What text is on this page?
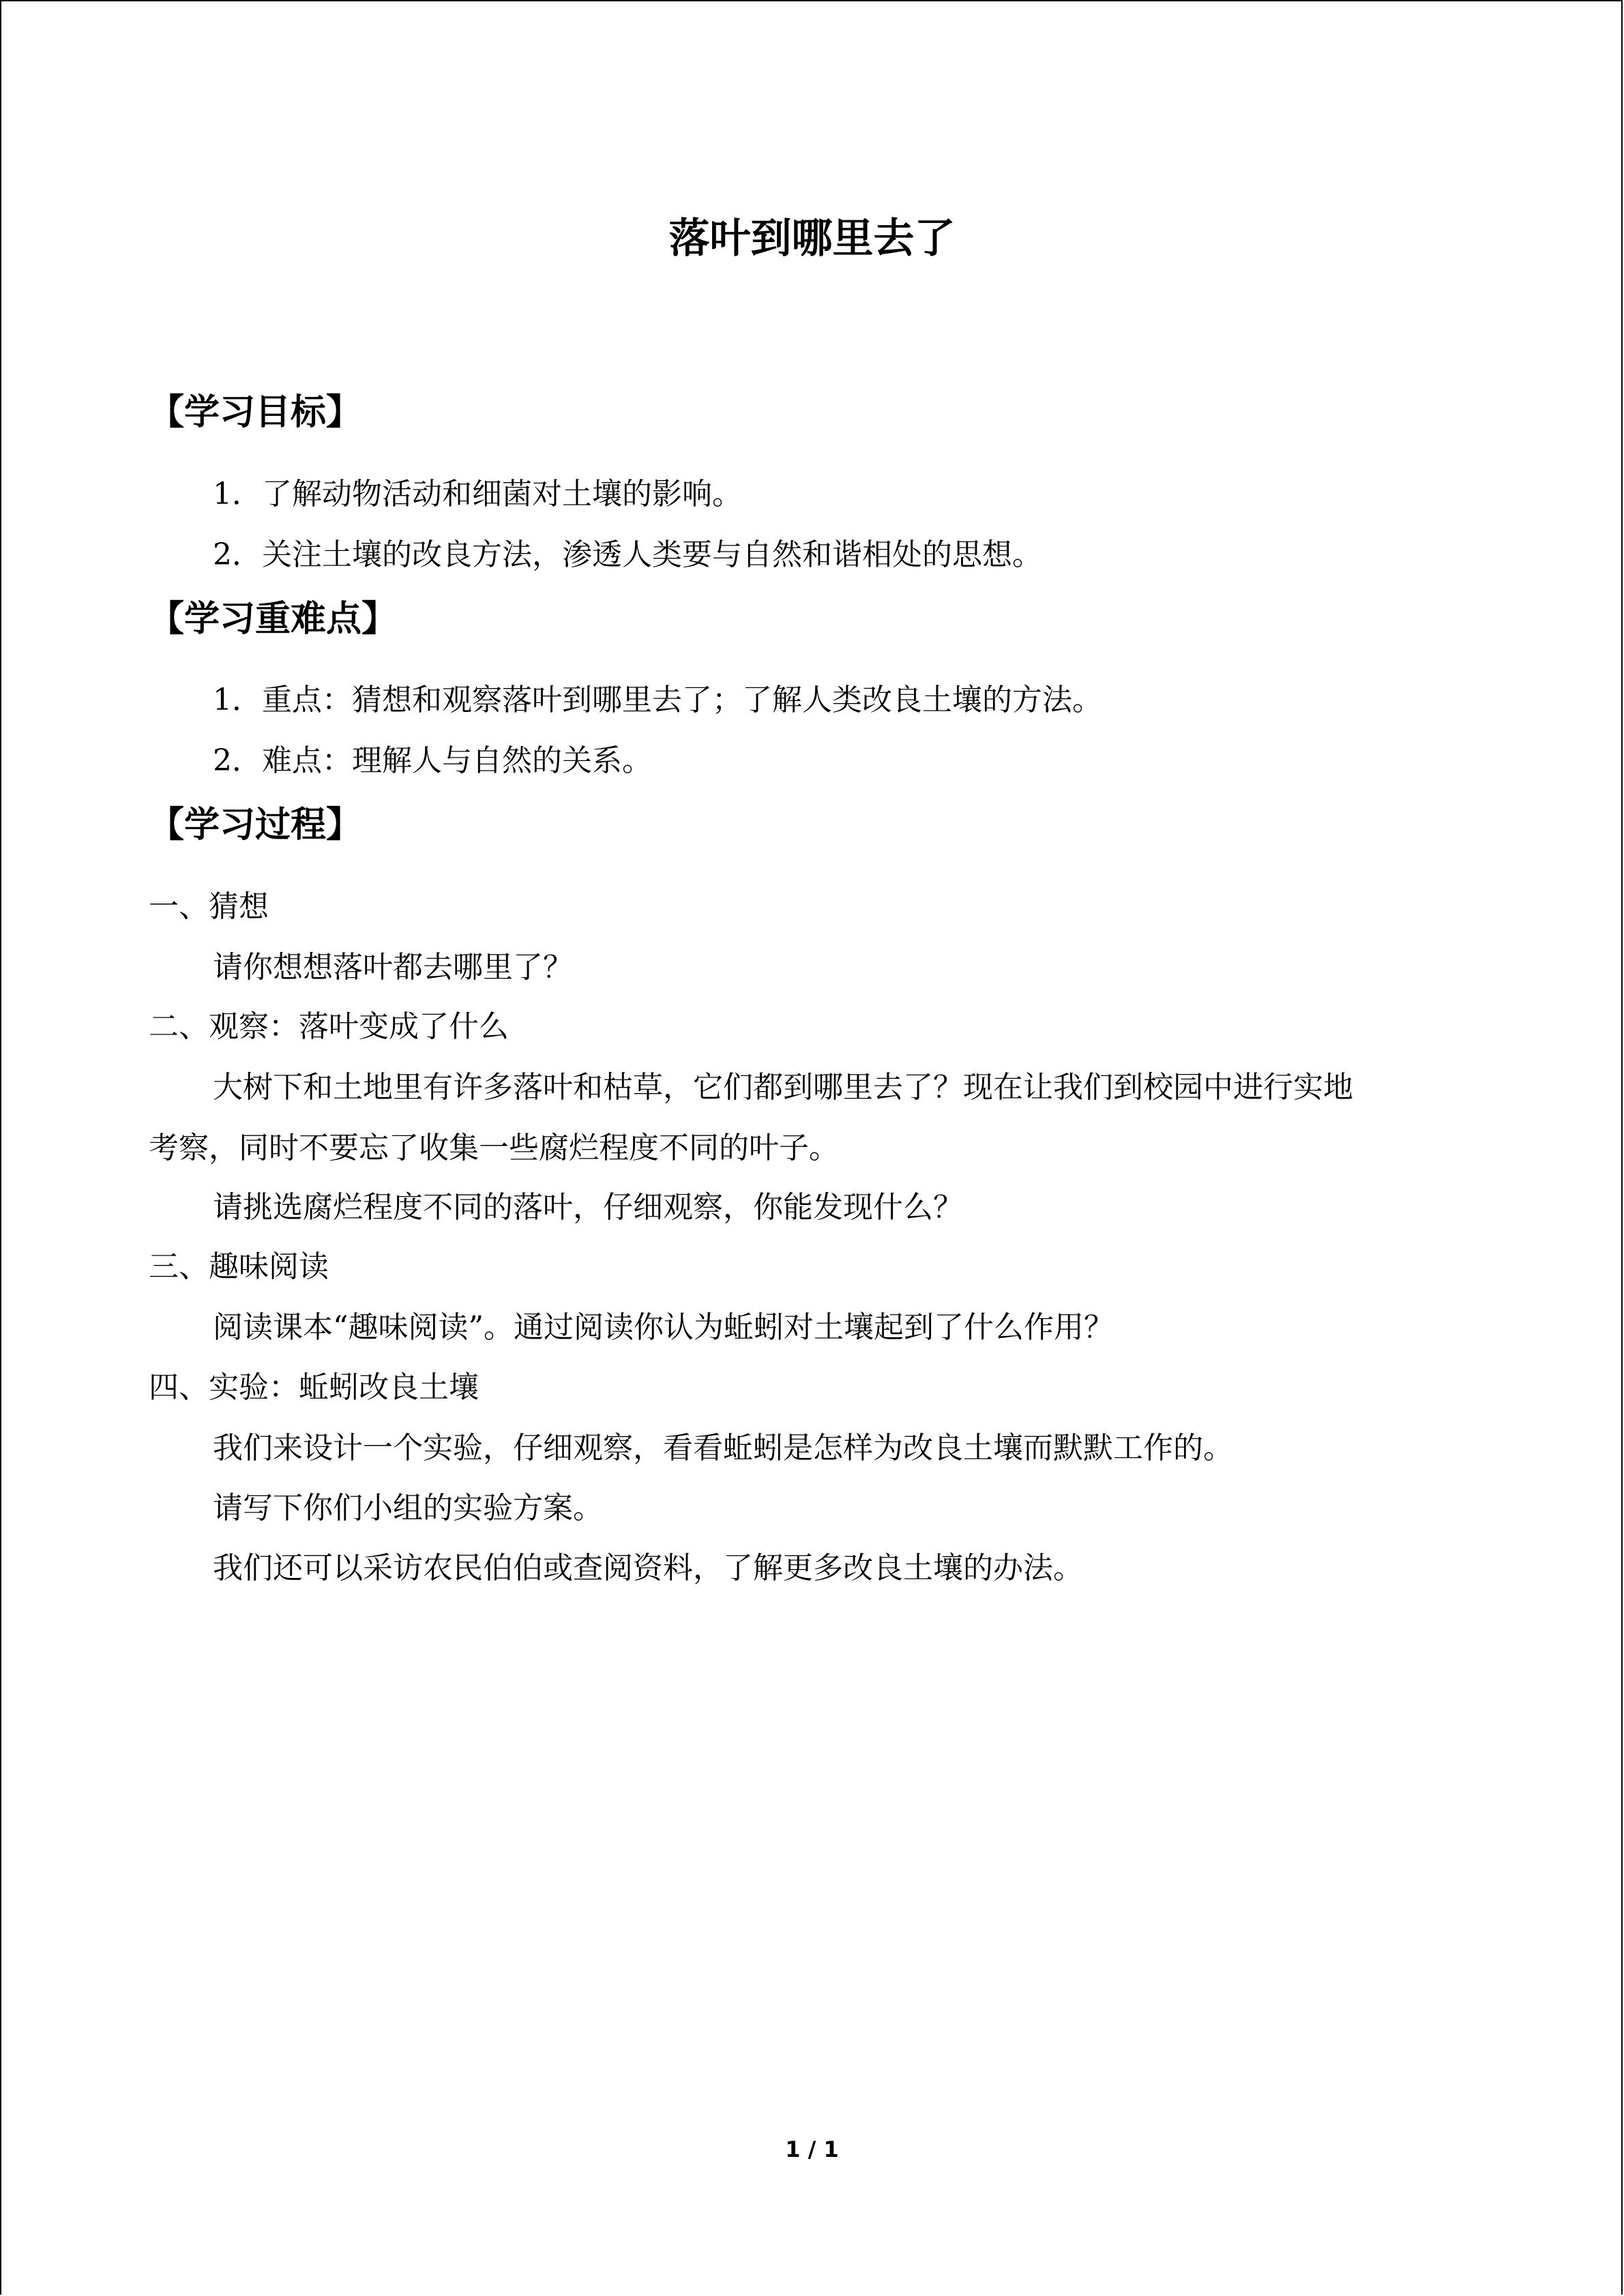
落叶到哪里去了
【学习目标】
1．了解动物活动和细菌对土壤的影响。
2．关注土壤的改良方法，渗透人类要与自然和谐相处的思想。
【学习重难点】
1．重点：猜想和观察落叶到哪里去了；了解人类改良土壤的方法。
2．难点：理解人与自然的关系。
【学习过程】
一、猜想
请你想想落叶都去哪里了？
二、观察：落叶变成了什么
大树下和土地里有许多落叶和枯草，它们都到哪里去了？现在让我们到校园中进行实地
考察，同时不要忘了收集一些腐烂程度不同的叶子。
请挑选腐烂程度不同的落叶，仔细观察，你能发现什么？
三、趣味阅读
阅读课本“趣味阅读”。通过阅读你认为蚯蚓对土壤起到了什么作用？
四、实验：蚯蚓改良土壤
我们来设计一个实验，仔细观察，看看蚯蚓是怎样为改良土壤而默默工作的。
请写下你们小组的实验方案。
我们还可以采访农民伯伯或查阅资料，了解更多改良土壤的办法。
1 / 1
